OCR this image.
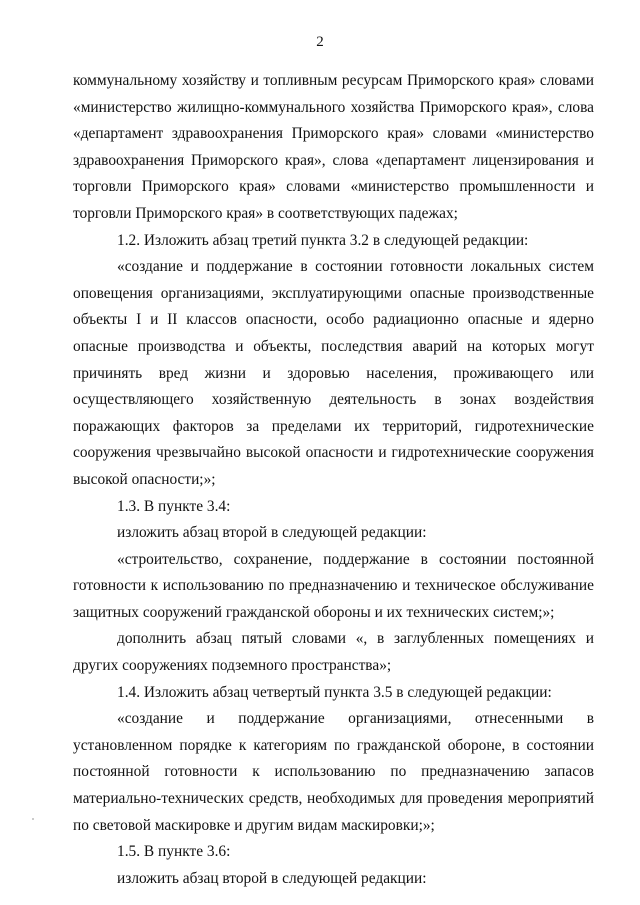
2

коммунальному хозяйству и топливным ресурсам Приморского края» словами «министерство жилищно-коммунального хозяйства Приморского края», слова «департамент здравоохранения Приморского края» словами «министерство здравоохранения Приморского края», слова «департамент лицензирования и торговли Приморского края» словами «министерство промышленности и торговли Приморского края» в соответствующих падежах;

1.2. Изложить абзац третий пункта 3.2 в следующей редакции:

«создание и поддержание в состоянии готовности локальных систем оповещения организациями, эксплуатирующими опасные производственные объекты I и II классов опасности, особо радиационно опасные и ядерно опасные производства и объекты, последствия аварий на которых могут причинять вред жизни и здоровью населения, проживающего или осуществляющего хозяйственную деятельность в зонах воздействия поражающих факторов за пределами их территорий, гидротехнические сооружения чрезвычайно высокой опасности и гидротехнические сооружения высокой опасности;»;

1.3. В пункте 3.4:

изложить абзац второй в следующей редакции:

«строительство, сохранение, поддержание в состоянии постоянной готовности к использованию по предназначению и техническое обслуживание защитных сооружений гражданской обороны и их технических систем;»;

дополнить абзац пятый словами «, в заглубленных помещениях и других сооружениях подземного пространства»;

1.4. Изложить абзац четвертый пункта 3.5 в следующей редакции:

«создание и поддержание организациями, отнесенными в установленном порядке к категориям по гражданской обороне, в состоянии постоянной готовности к использованию по предназначению запасов материально-технических средств, необходимых для проведения мероприятий по световой маскировке и другим видам маскировки;»;

1.5. В пункте 3.6:

изложить абзац второй в следующей редакции:
